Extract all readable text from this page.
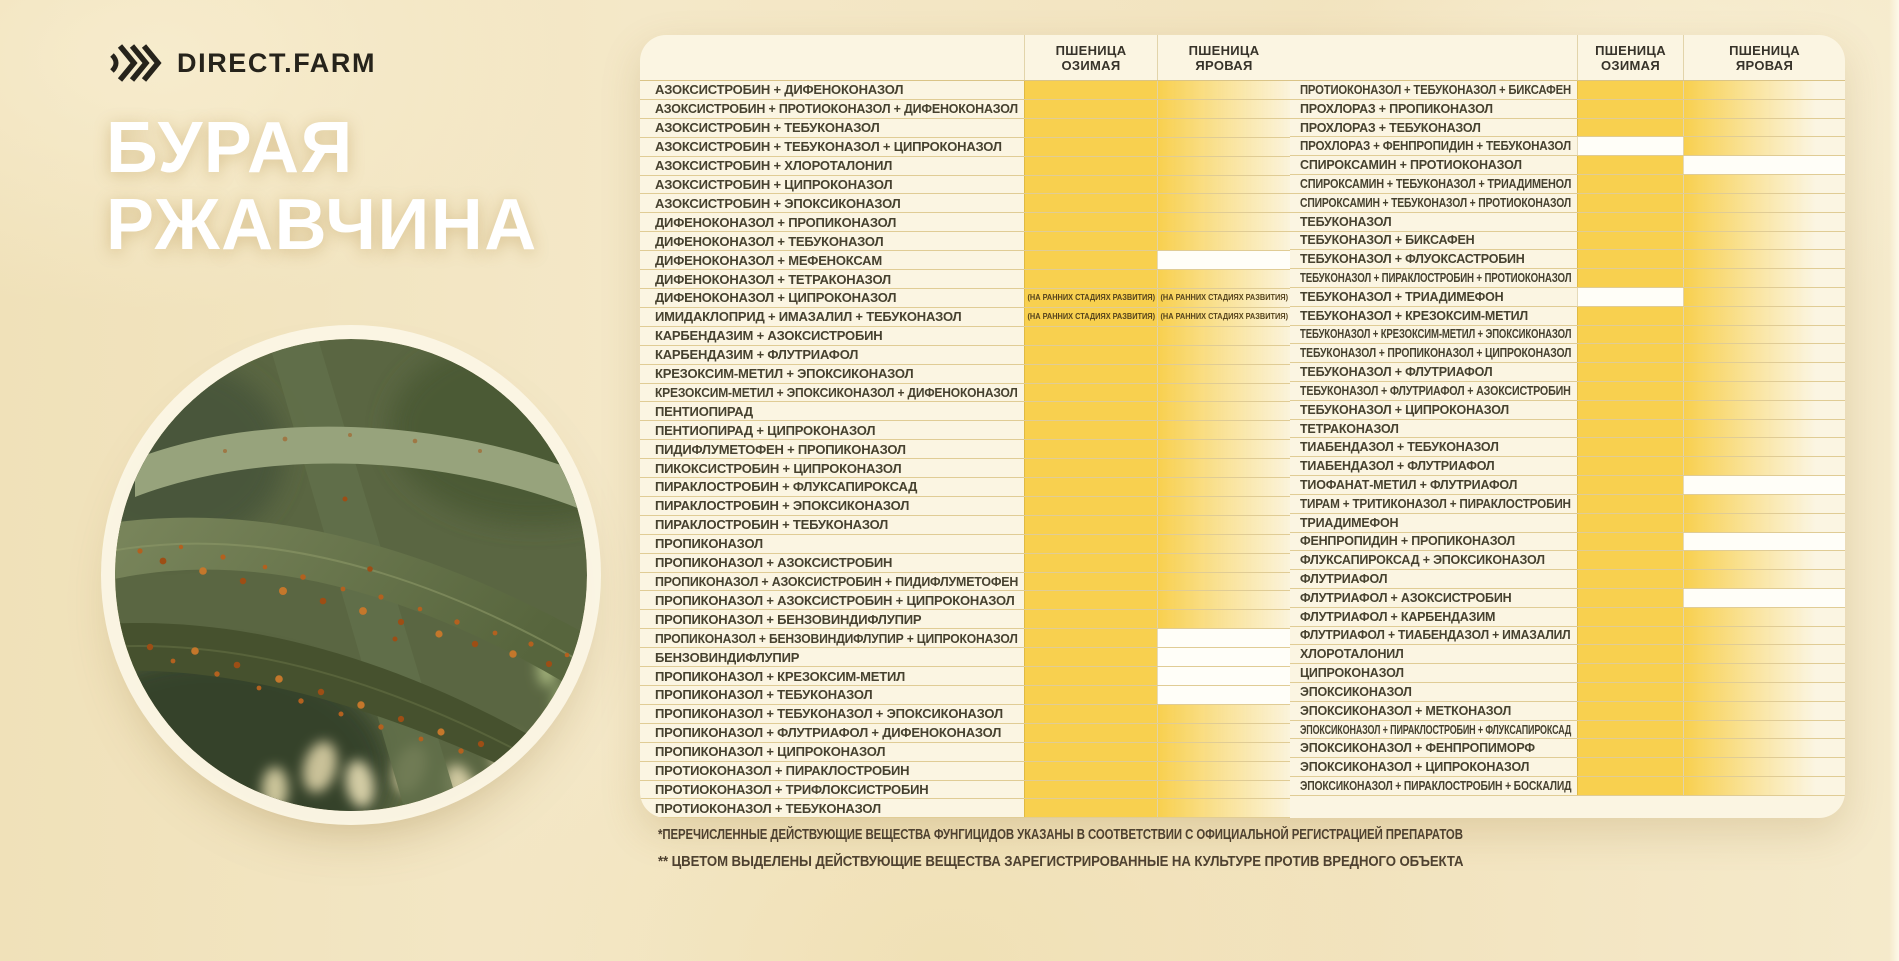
DIRECT.FARM
БУРАЯ
РЖАВЧИНА
ПШЕНИЦА ОЗИМАЯ
ПШЕНИЦА ЯРОВАЯ
АЗОКСИСТРОБИН + ДИФЕНОКОНАЗОЛ
АЗОКСИСТРОБИН + ПРОТИОКОНАЗОЛ + ДИФЕНОКОНАЗОЛ
АЗОКСИСТРОБИН + ТЕБУКОНАЗОЛ
АЗОКСИСТРОБИН + ТЕБУКОНАЗОЛ + ЦИПРОКОНАЗОЛ
АЗОКСИСТРОБИН + ХЛОРОТАЛОНИЛ
АЗОКСИСТРОБИН + ЦИПРОКОНАЗОЛ
АЗОКСИСТРОБИН + ЭПОКСИКОНАЗОЛ
ДИФЕНОКОНАЗОЛ + ПРОПИКОНАЗОЛ
ДИФЕНОКОНАЗОЛ + ТЕБУКОНАЗОЛ
ДИФЕНОКОНАЗОЛ + МЕФЕНОКСАМ
ДИФЕНОКОНАЗОЛ + ТЕТРАКОНАЗОЛ
ДИФЕНОКОНАЗОЛ + ЦИПРОКОНАЗОЛ	(НА РАННИХ СТАДИЯХ РАЗВИТИЯ) (НА РАННИХ СТАДИЯХ РАЗВИТИЯ)
ИМИДАКЛОПРИД + ИМАЗАЛИЛ + ТЕБУКОНАЗОЛ	(НА РАННИХ СТАДИЯХ РАЗВИТИЯ) (НА РАННИХ СТАДИЯХ РАЗВИТИЯ)
КАРБЕНДАЗИМ + АЗОКСИСТРОБИН
КАРБЕНДАЗИМ + ФЛУТРИАФОЛ
КРЕЗОКСИМ-МЕТИЛ + ЭПОКСИКОНАЗОЛ
КРЕЗОКСИМ-МЕТИЛ + ЭПОКСИКОНАЗОЛ + ДИФЕНОКОНАЗОЛ
ПЕНТИОПИРАД
ПЕНТИОПИРАД + ЦИПРОКОНАЗОЛ
ПИДИФЛУМЕТОФЕН + ПРОПИКОНАЗОЛ
ПИКОКСИСТРОБИН + ЦИПРОКОНАЗОЛ
ПИРАКЛОСТРОБИН + ФЛУКСАПИРОКСАД
ПИРАКЛОСТРОБИН + ЭПОКСИКОНАЗОЛ
ПИРАКЛОСТРОБИН + ТЕБУКОНАЗОЛ
ПРОПИКОНАЗОЛ
ПРОПИКОНАЗОЛ + АЗОКСИСТРОБИН
ПРОПИКОНАЗОЛ + АЗОКСИСТРОБИН + ПИДИФЛУМЕТОФЕН
ПРОПИКОНАЗОЛ + АЗОКСИСТРОБИН + ЦИПРОКОНАЗОЛ
ПРОПИКОНАЗОЛ + БЕНЗОВИНДИФЛУПИР
ПРОПИКОНАЗОЛ + БЕНЗОВИНДИФЛУПИР + ЦИПРОКОНАЗОЛ
БЕНЗОВИНДИФЛУПИР
ПРОПИКОНАЗОЛ + КРЕЗОКСИМ-МЕТИЛ
ПРОПИКОНАЗОЛ + ТЕБУКОНАЗОЛ
ПРОПИКОНАЗОЛ + ТЕБУКОНАЗОЛ + ЭПОКСИКОНАЗОЛ
ПРОПИКОНАЗОЛ + ФЛУТРИАФОЛ + ДИФЕНОКОНАЗОЛ
ПРОПИКОНАЗОЛ + ЦИПРОКОНАЗОЛ
ПРОТИОКОНАЗОЛ + ПИРАКЛОСТРОБИН
ПРОТИОКОНАЗОЛ + ТРИФЛОКСИСТРОБИН
ПРОТИОКОНАЗОЛ + ТЕБУКОНАЗОЛ
ПШЕНИЦА ОЗИМАЯ
ПШЕНИЦА ЯРОВАЯ
ПРОТИОКОНАЗОЛ + ТЕБУКОНАЗОЛ + БИКСАФЕН
ПРОХЛОРАЗ + ПРОПИКОНАЗОЛ
ПРОХЛОРАЗ + ТЕБУКОНАЗОЛ
ПРОХЛОРАЗ + ФЕНПРОПИДИН + ТЕБУКОНАЗОЛ
СПИРОКСАМИН + ПРОТИОКОНАЗОЛ
СПИРОКСАМИН + ТЕБУКОНАЗОЛ + ТРИАДИМЕНОЛ
СПИРОКСАМИН + ТЕБУКОНАЗОЛ + ПРОТИОКОНАЗОЛ
ТЕБУКОНАЗОЛ
ТЕБУКОНАЗОЛ + БИКСАФЕН
ТЕБУКОНАЗОЛ + ФЛУОКСАСТРОБИН
ТЕБУКОНАЗОЛ + ПИРАКЛОСТРОБИН + ПРОТИОКОНАЗОЛ
ТЕБУКОНАЗОЛ + ТРИАДИМЕФОН
ТЕБУКОНАЗОЛ + КРЕЗОКСИМ-МЕТИЛ
ТЕБУКОНАЗОЛ + КРЕЗОКСИМ-МЕТИЛ + ЭПОКСИКОНАЗОЛ
ТЕБУКОНАЗОЛ + ПРОПИКОНАЗОЛ + ЦИПРОКОНАЗОЛ
ТЕБУКОНАЗОЛ + ФЛУТРИАФОЛ
ТЕБУКОНАЗОЛ + ФЛУТРИАФОЛ + АЗОКСИСТРОБИН
ТЕБУКОНАЗОЛ + ЦИПРОКОНАЗОЛ
ТЕТРАКОНАЗОЛ
ТИАБЕНДАЗОЛ + ТЕБУКОНАЗОЛ
ТИАБЕНДАЗОЛ + ФЛУТРИАФОЛ
ТИОФАНАТ-МЕТИЛ + ФЛУТРИАФОЛ
ТИРАМ + ТРИТИКОНАЗОЛ + ПИРАКЛОСТРОБИН
ТРИАДИМЕФОН
ФЕНПРОПИДИН + ПРОПИКОНАЗОЛ
ФЛУКСАПИРОКСАД + ЭПОКСИКОНАЗОЛ
ФЛУТРИАФОЛ
ФЛУТРИАФОЛ + АЗОКСИСТРОБИН
ФЛУТРИАФОЛ + КАРБЕНДАЗИМ
ФЛУТРИАФОЛ + ТИАБЕНДАЗОЛ + ИМАЗАЛИЛ
ХЛОРОТАЛОНИЛ
ЦИПРОКОНАЗОЛ
ЭПОКСИКОНАЗОЛ
ЭПОКСИКОНАЗОЛ + МЕТКОНАЗОЛ
ЭПОКСИКОНАЗОЛ + ПИРАКЛОСТРОБИН + ФЛУКСАПИРОКСАД
ЭПОКСИКОНАЗОЛ + ФЕНПРОПИМОРФ
ЭПОКСИКОНАЗОЛ + ЦИПРОКОНАЗОЛ
ЭПОКСИКОНАЗОЛ + ПИРАКЛОСТРОБИН + БОСКАЛИД

*ПЕРЕЧИСЛЕННЫЕ ДЕЙСТВУЮЩИЕ ВЕЩЕСТВА ФУНГИЦИДОВ УКАЗАНЫ В СООТВЕТСТВИИ С ОФИЦИАЛЬНОЙ РЕГИСТРАЦИЕЙ ПРЕПАРАТОВ

** ЦВЕТОМ ВЫДЕЛЕНЫ ДЕЙСТВУЮЩИЕ ВЕЩЕСТВА ЗАРЕГИСТРИРОВАННЫЕ НА КУЛЬТУРЕ ПРОТИВ ВРЕДНОГО ОБЪЕКТА
